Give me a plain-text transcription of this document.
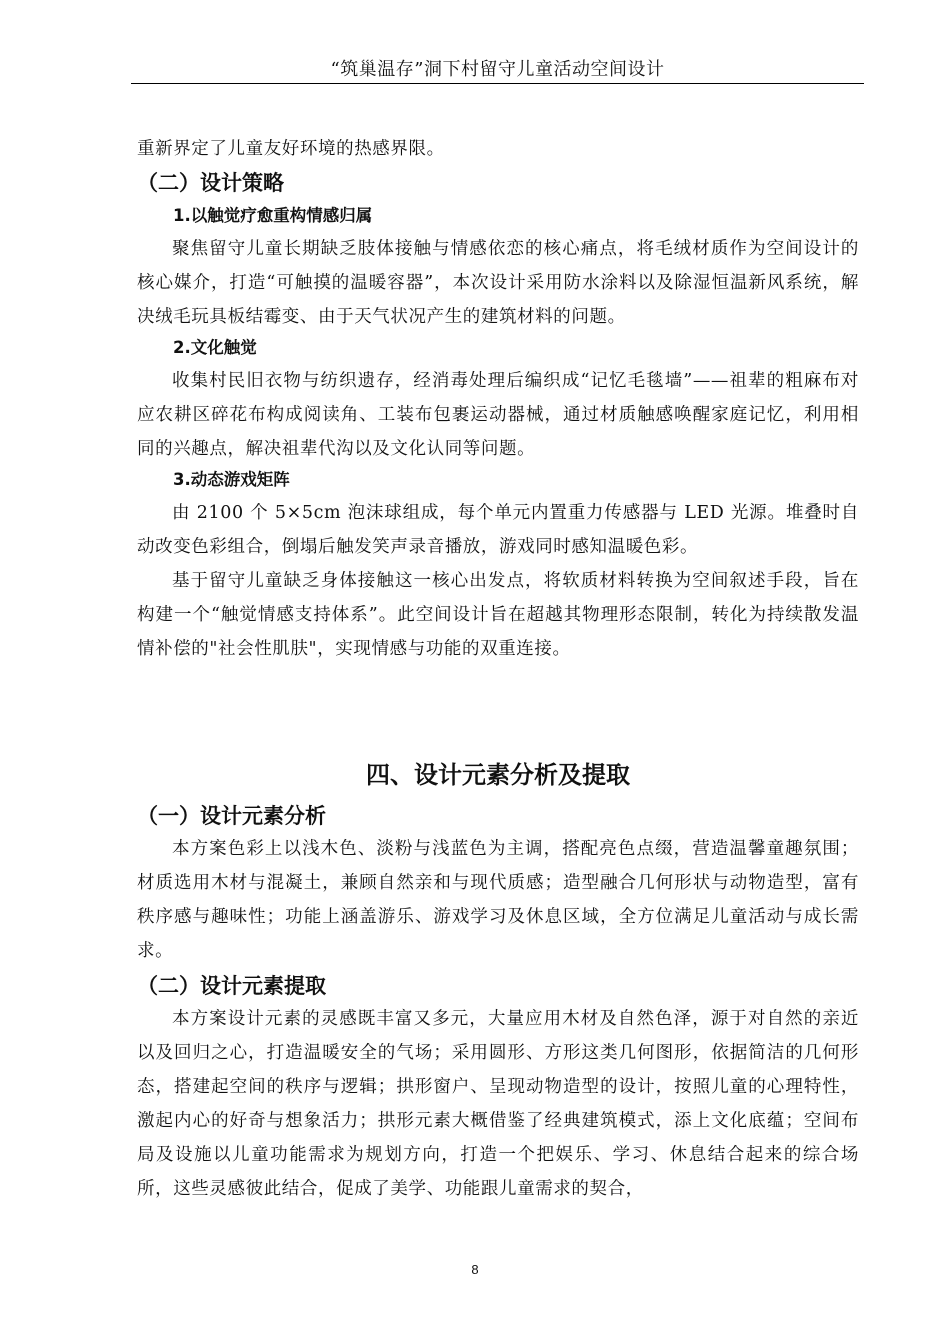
“筑巢温存”洞下村留守儿童活动空间设计

重新界定了儿童友好环境的热感界限。

（二）设计策略
1.以触觉疗愈重构情感归属

聚焦留守儿童长期缺乏肢体接触与情感依恋的核心痛点，将毛绒材质作为空间设计的核心媒介，打造“可触摸的温暖容器”，本次设计采用防水涂料以及除湿恒温新风系统，解决绒毛玩具板结霉变、由于天气状况产生的建筑材料的问题。

2.文化触觉

收集村民旧衣物与纺织遗存，经消毒处理后编织成“记忆毛毯墙”——祖辈的粗麻布对应农耕区碎花布构成阅读角、工装布包裹运动器械，通过材质触感唤醒家庭记忆，利用相同的兴趣点，解决祖辈代沟以及文化认同等问题。

3.动态游戏矩阵

由 2100 个 5×5cm 泡沫球组成，每个单元内置重力传感器与 LED 光源。堆叠时自动改变色彩组合，倒塌后触发笑声录音播放，游戏同时感知温暖色彩。

基于留守儿童缺乏身体接触这一核心出发点，将软质材料转换为空间叙述手段，旨在构建一个“触觉情感支持体系”。此空间设计旨在超越其物理形态限制，转化为持续散发温情补偿的"社会性肌肤"，实现情感与功能的双重连接。

四、设计元素分析及提取
（一）设计元素分析

本方案色彩上以浅木色、淡粉与浅蓝色为主调，搭配亮色点缀，营造温馨童趣氛围；材质选用木材与混凝土，兼顾自然亲和与现代质感；造型融合几何形状与动物造型，富有秩序感与趣味性；功能上涵盖游乐、游戏学习及休息区域，全方位满足儿童活动与成长需求。

（二）设计元素提取

本方案设计元素的灵感既丰富又多元，大量应用木材及自然色泽，源于对自然的亲近以及回归之心，打造温暖安全的气场；采用圆形、方形这类几何图形，依据简洁的几何形态，搭建起空间的秩序与逻辑；拱形窗户、呈现动物造型的设计，按照儿童的心理特性，激起内心的好奇与想象活力；拱形元素大概借鉴了经典建筑模式，添上文化底蕴；空间布局及设施以儿童功能需求为规划方向，打造一个把娱乐、学习、休息结合起来的综合场所，这些灵感彼此结合，促成了美学、功能跟儿童需求的契合，

8
